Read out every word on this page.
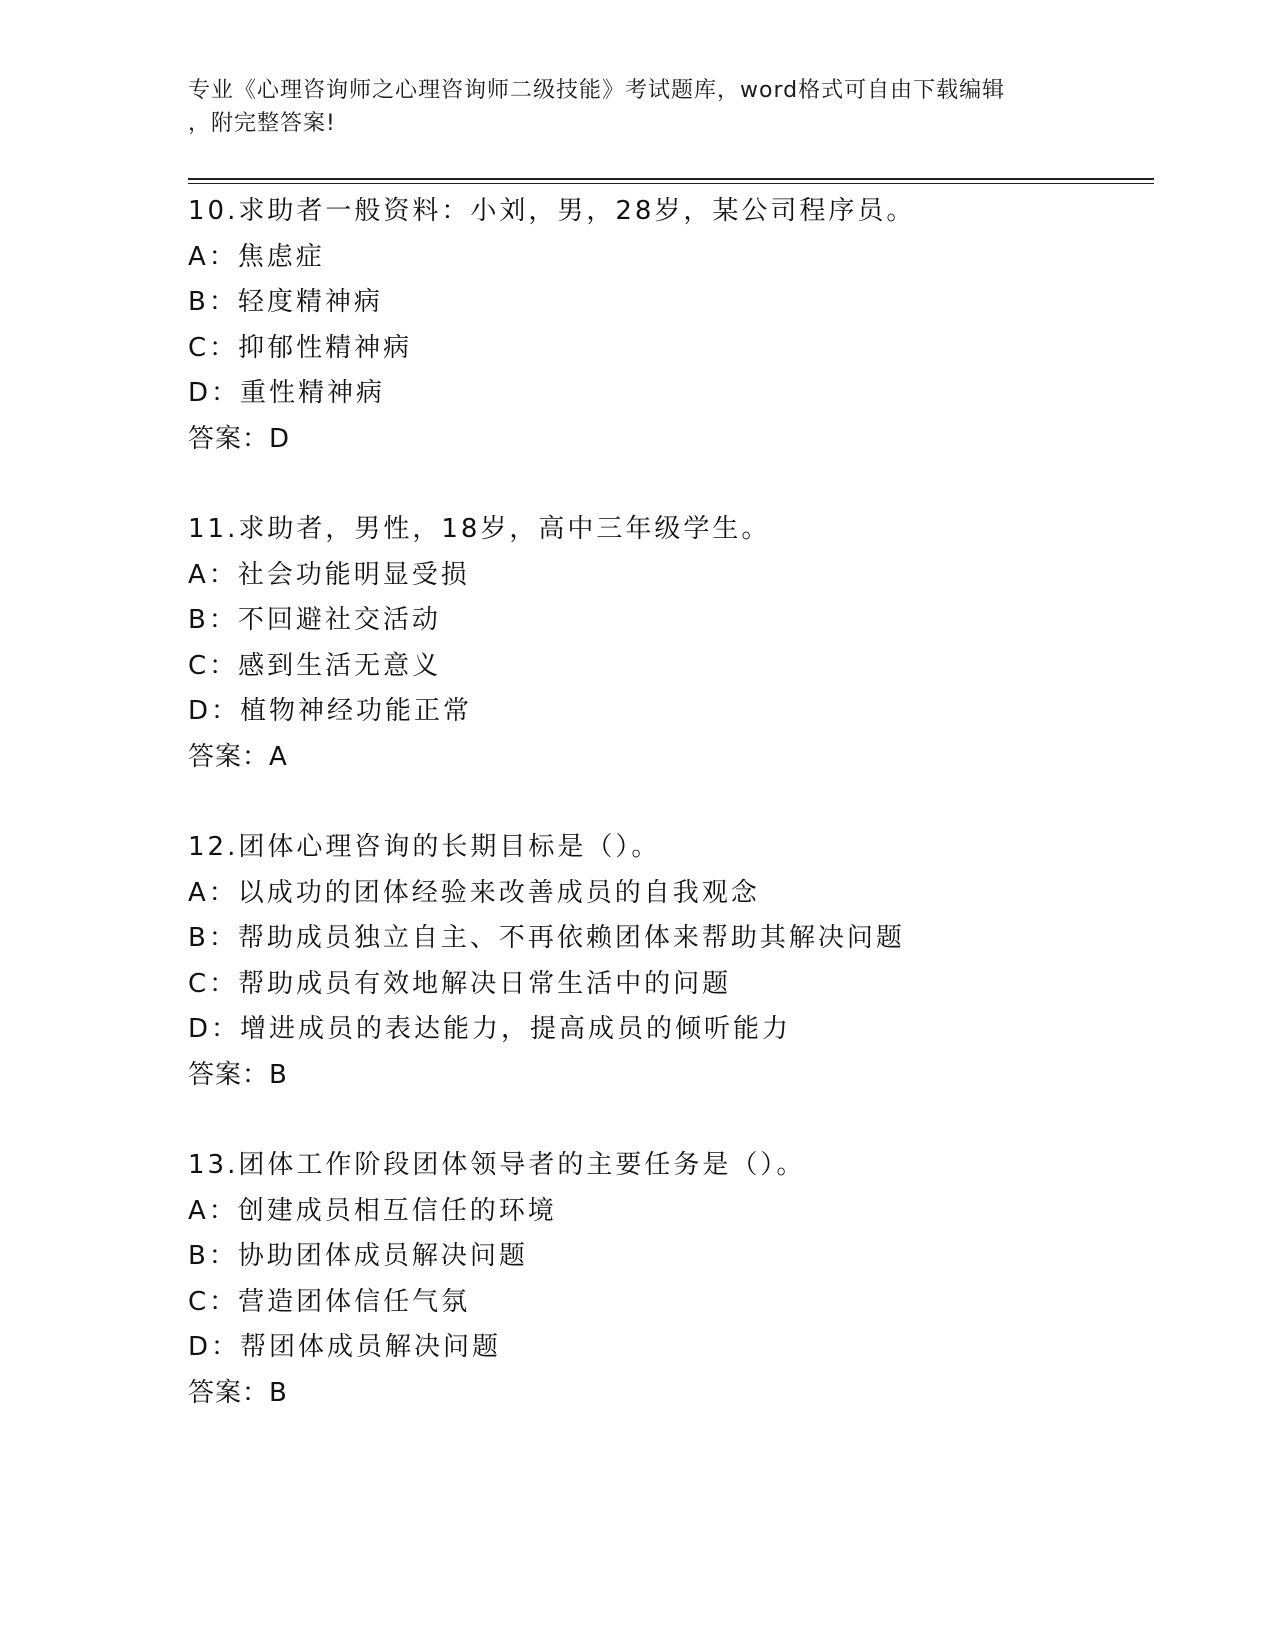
专业《心理咨询师之心理咨询师二级技能》考试题库，word格式可自由下载编辑
，附完整答案!
10.求助者一般资料：小刘，男，28岁，某公司程序员。
A：焦虑症
B：轻度精神病
C：抑郁性精神病
D：重性精神病
答案：D
11.求助者，男性，18岁，高中三年级学生。
A：社会功能明显受损
B：不回避社交活动
C：感到生活无意义
D：植物神经功能正常
答案：A
12.团体心理咨询的长期目标是（）。
A：以成功的团体经验来改善成员的自我观念
B：帮助成员独立自主、不再依赖团体来帮助其解决问题
C：帮助成员有效地解决日常生活中的问题
D：增进成员的表达能力，提高成员的倾听能力
答案：B
13.团体工作阶段团体领导者的主要任务是（）。
A：创建成员相互信任的环境
B：协助团体成员解决问题
C：营造团体信任气氛
D：帮团体成员解决问题
答案：B
